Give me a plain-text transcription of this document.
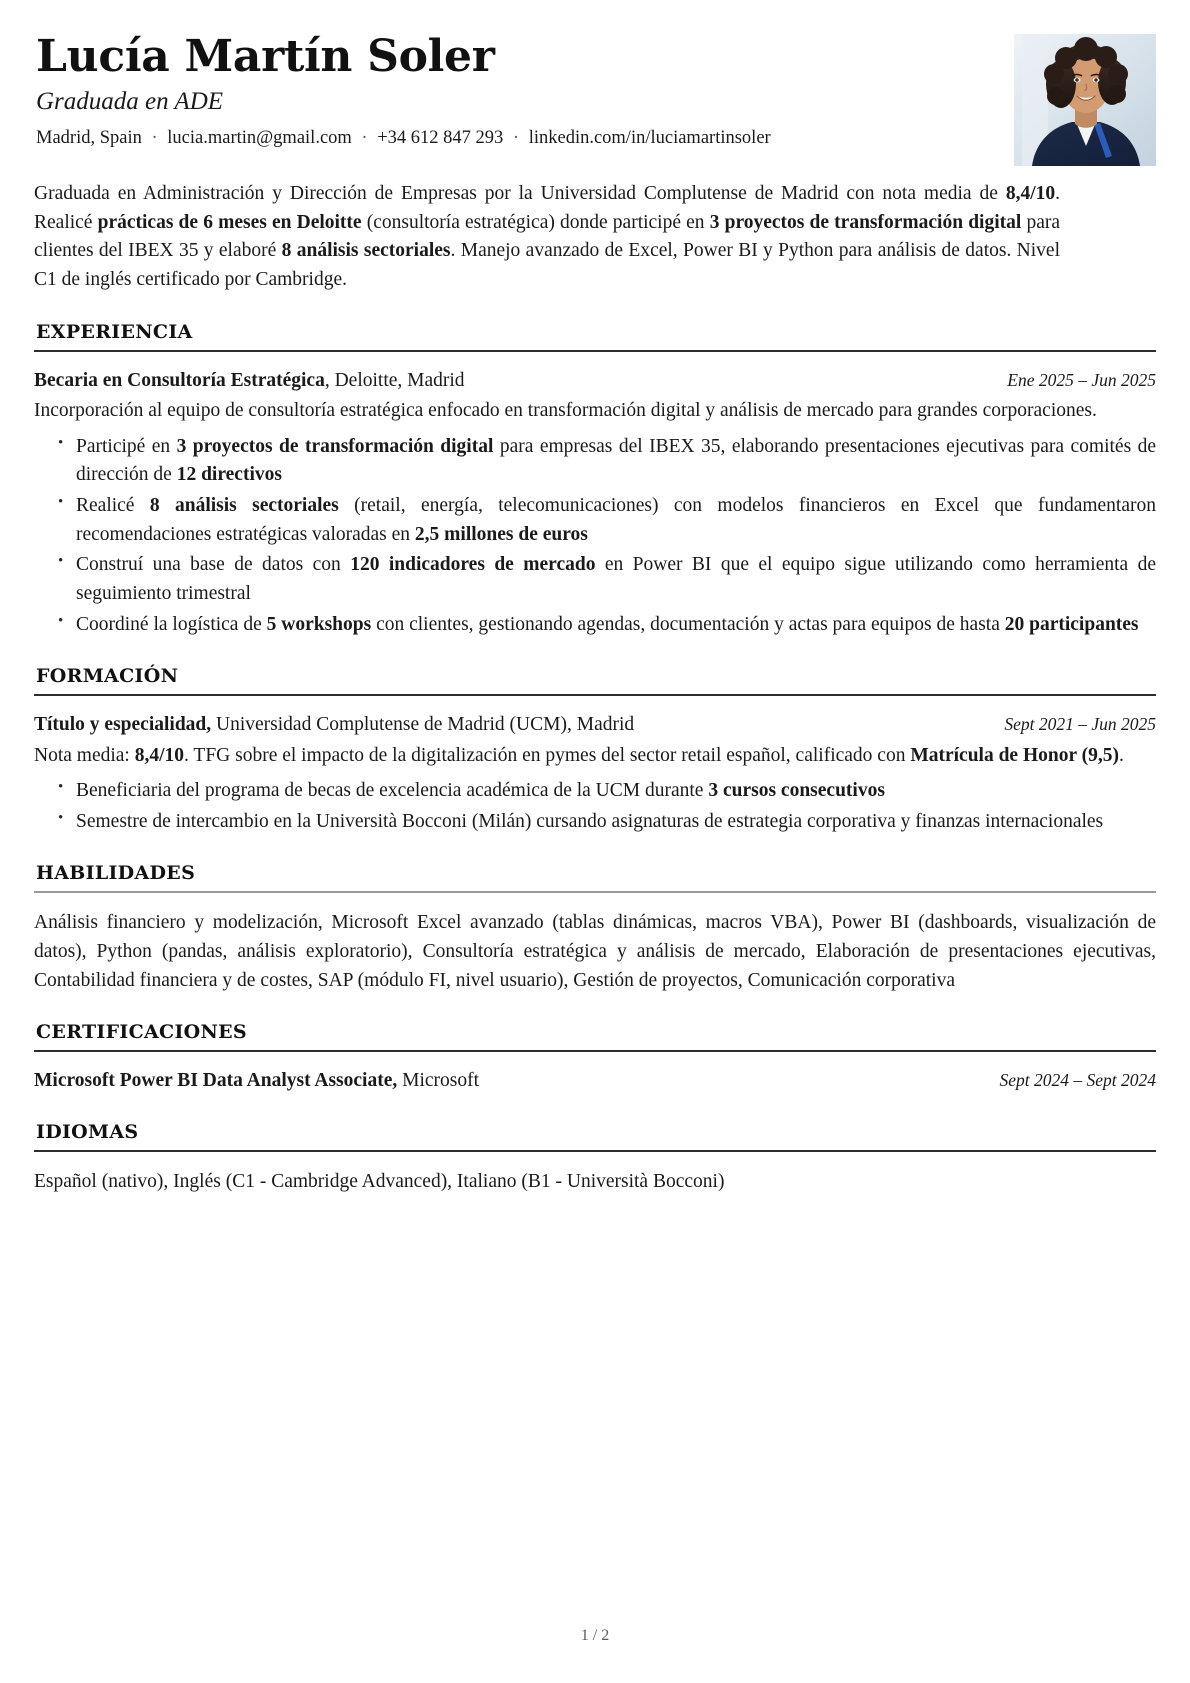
Lucía Martín Soler
Graduada en ADE
Madrid, Spain · lucia.martin@gmail.com · +34 612 847 293 · linkedin.com/in/luciamartinsoler
Graduada en Administración y Dirección de Empresas por la Universidad Complutense de Madrid con nota media de 8,4/10. Realicé prácticas de 6 meses en Deloitte (consultoría estratégica) donde participé en 3 proyectos de transformación digital para clientes del IBEX 35 y elaboré 8 análisis sectoriales. Manejo avanzado de Excel, Power BI y Python para análisis de datos. Nivel C1 de inglés certificado por Cambridge.
EXPERIENCIA
Becaria en Consultoría Estratégica, Deloitte, Madrid	Ene 2025 – Jun 2025
Incorporación al equipo de consultoría estratégica enfocado en transformación digital y análisis de mercado para grandes corporaciones.
• Participé en 3 proyectos de transformación digital para empresas del IBEX 35, elaborando presentaciones ejecutivas para comités de dirección de 12 directivos
• Realicé 8 análisis sectoriales (retail, energía, telecomunicaciones) con modelos financieros en Excel que fundamentaron recomendaciones estratégicas valoradas en 2,5 millones de euros
• Construí una base de datos con 120 indicadores de mercado en Power BI que el equipo sigue utilizando como herramienta de seguimiento trimestral
• Coordiné la logística de 5 workshops con clientes, gestionando agendas, documentación y actas para equipos de hasta 20 participantes
FORMACIÓN
Título y especialidad, Universidad Complutense de Madrid (UCM), Madrid	Sept 2021 – Jun 2025
Nota media: 8,4/10. TFG sobre el impacto de la digitalización en pymes del sector retail español, calificado con Matrícula de Honor (9,5).
• Beneficiaria del programa de becas de excelencia académica de la UCM durante 3 cursos consecutivos
• Semestre de intercambio en la Università Bocconi (Milán) cursando asignaturas de estrategia corporativa y finanzas internacionales
HABILIDADES
Análisis financiero y modelización, Microsoft Excel avanzado (tablas dinámicas, macros VBA), Power BI (dashboards, visualización de datos), Python (pandas, análisis exploratorio), Consultoría estratégica y análisis de mercado, Elaboración de presentaciones ejecutivas, Contabilidad financiera y de costes, SAP (módulo FI, nivel usuario), Gestión de proyectos, Comunicación corporativa
CERTIFICACIONES
Microsoft Power BI Data Analyst Associate, Microsoft	Sept 2024 – Sept 2024
IDIOMAS
Español (nativo), Inglés (C1 - Cambridge Advanced), Italiano (B1 - Università Bocconi)
1 / 2
